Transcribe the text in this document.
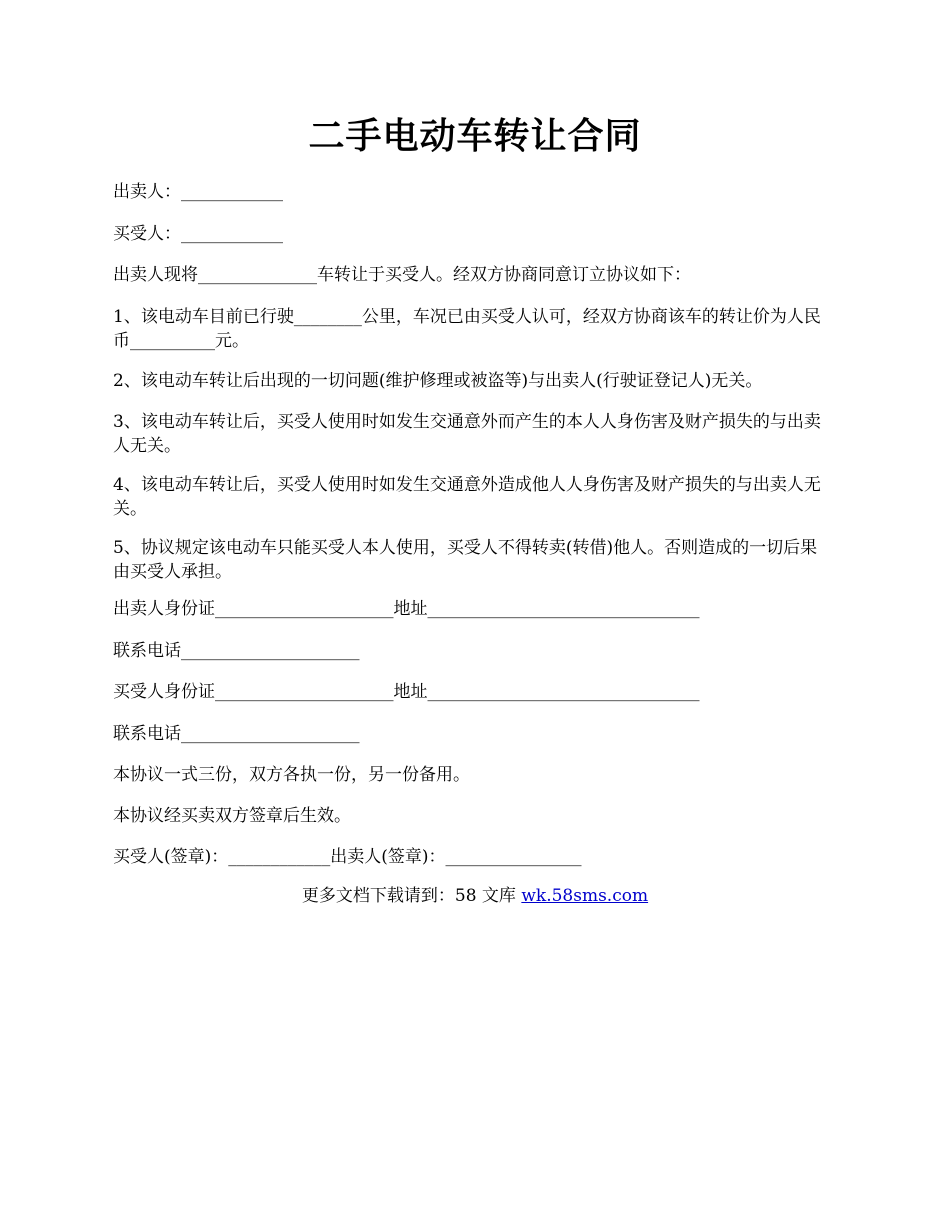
二手电动车转让合同
出卖人：____________
买受人：____________
出卖人现将______________车转让于买受人。经双方协商同意订立协议如下：
1、该电动车目前已行驶________公里，车况已由买受人认可，经双方协商该车的转让价为人民币__________元。
2、该电动车转让后出现的一切问题(维护修理或被盗等)与出卖人(行驶证登记人)无关。
3、该电动车转让后，买受人使用时如发生交通意外而产生的本人人身伤害及财产损失的与出卖人无关。
4、该电动车转让后，买受人使用时如发生交通意外造成他人人身伤害及财产损失的与出卖人无关。
5、协议规定该电动车只能买受人本人使用，买受人不得转卖(转借)他人。否则造成的一切后果由买受人承担。
出卖人身份证_____________________地址________________________________
联系电话_____________________
买受人身份证_____________________地址________________________________
联系电话_____________________
本协议一式三份，双方各执一份，另一份备用。
本协议经买卖双方签章后生效。
买受人(签章)：____________出卖人(签章)：________________
更多文档下载请到：58 文库 wk.58sms.com
